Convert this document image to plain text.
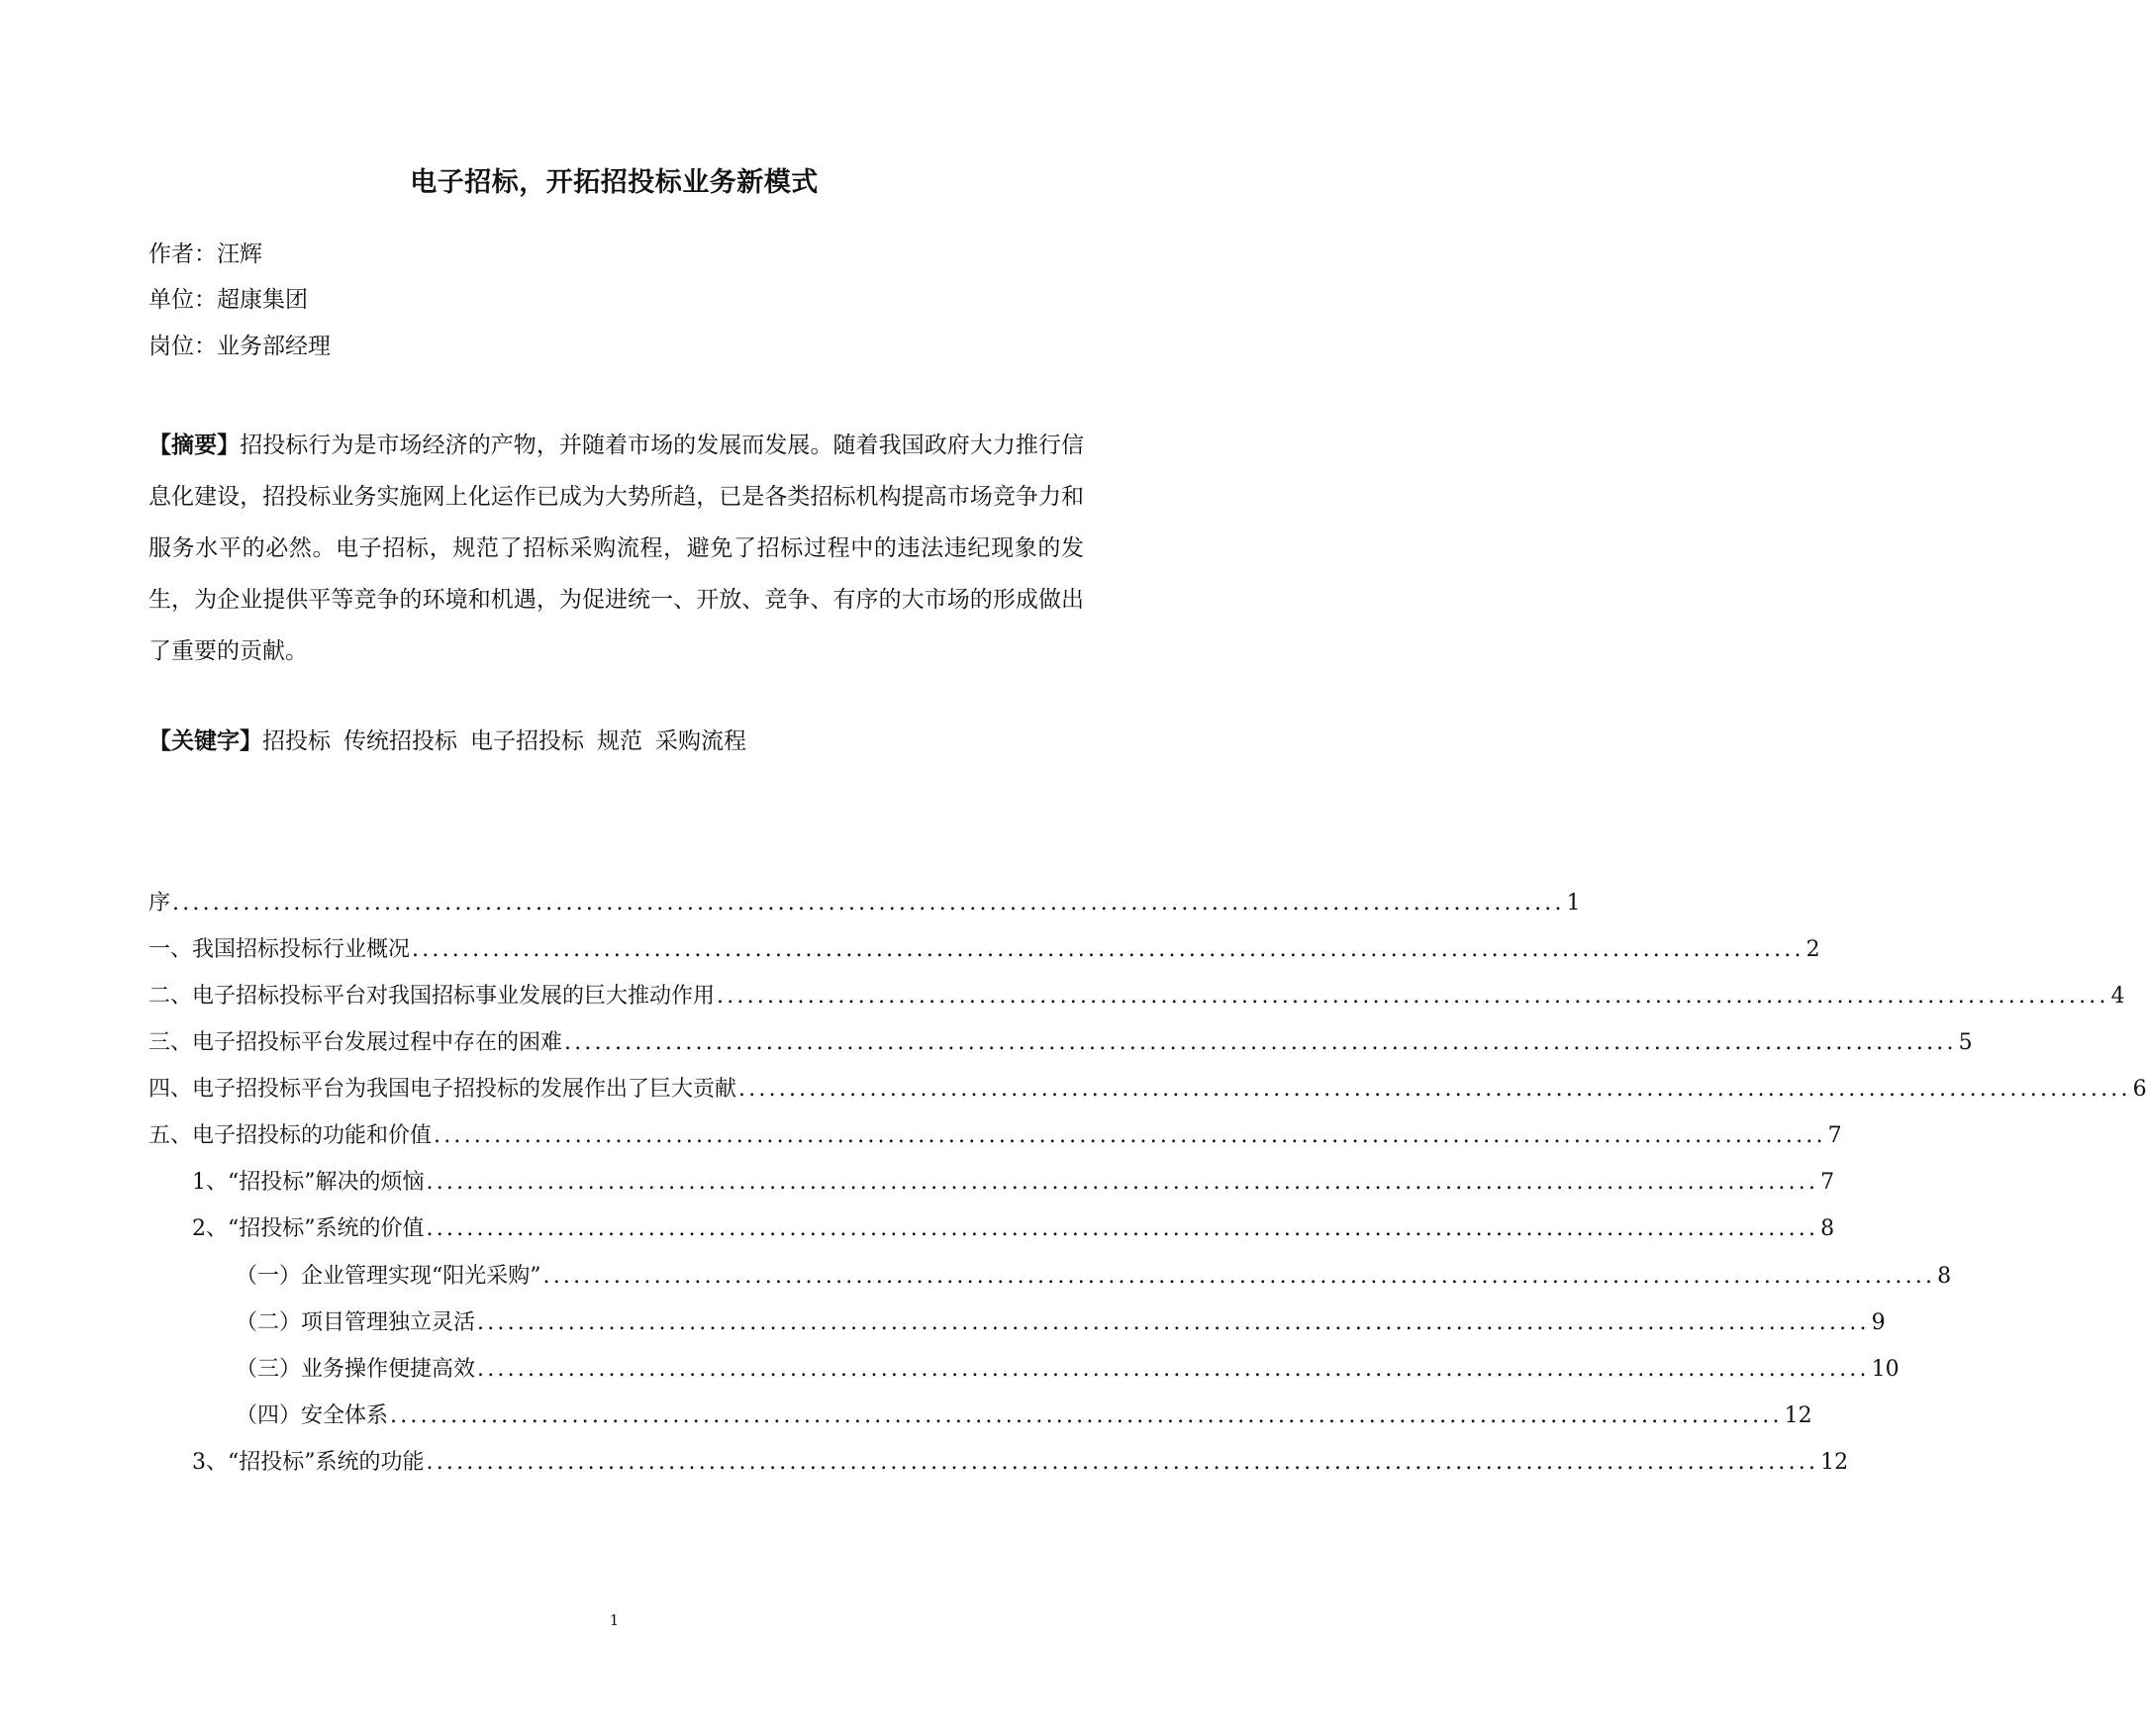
电子招标，开拓招投标业务新模式
作者：汪辉
单位：超康集团
岗位：业务部经理
【摘要】招投标行为是市场经济的产物，并随着市场的发展而发展。随着我国政府大力推行信息化建设，招投标业务实施网上化运作已成为大势所趋，已是各类招标机构提高市场竞争力和服务水平的必然。电子招标，规范了招标采购流程，避免了招标过程中的违法违纪现象的发生，为企业提供平等竞争的环境和机遇，为促进统一、开放、竞争、有序的大市场的形成做出了重要的贡献。
【关键字】招投标 传统招投标 电子招投标 规范 采购流程
序 .......................................................................................................................................... 1
一、我国招标投标行业概况 .......................................................................................................................................... 2
二、电子招标投标平台对我国招标事业发展的巨大推动作用 .......................................................................................................................................... 4
三、电子招投标平台发展过程中存在的困难 .......................................................................................................................................... 5
四、电子招投标平台为我国电子招投标的发展作出了巨大贡献 .......................................................................................................................................... 6
五、电子招投标的功能和价值 .......................................................................................................................................... 7
1、“招投标”解决的烦恼 .......................................................................................................................................... 7
2、“招投标”系统的价值 .......................................................................................................................................... 8
（一）企业管理实现“阳光采购” .......................................................................................................................................... 8
（二）项目管理独立灵活 .......................................................................................................................................... 9
（三）业务操作便捷高效 .......................................................................................................................................... 10
（四）安全体系 .......................................................................................................................................... 12
3、“招投标”系统的功能 .......................................................................................................................................... 12
1
